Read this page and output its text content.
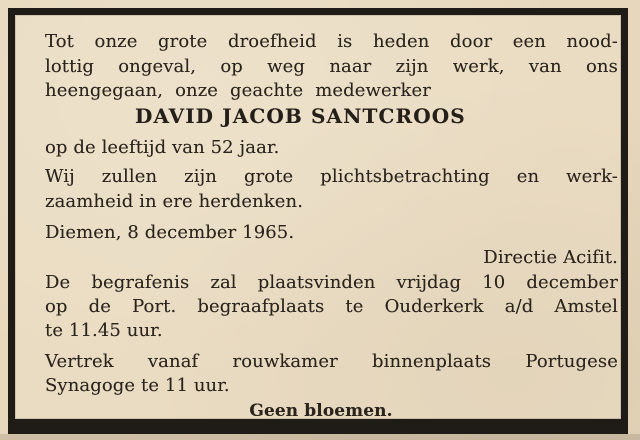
Tot onze grote droefheid is heden door een nood-
lottig ongeval, op weg naar zijn werk, van ons
heengegaan, onze geachte medewerker
DAVID JACOB SANTCROOS
op de leeftijd van 52 jaar.
Wij zullen zijn grote plichtsbetrachting en werk-
zaamheid in ere herdenken.
Diemen, 8 december 1965.
Directie Acifit.
De begrafenis zal plaatsvinden vrijdag 10 december
op de Port. begraafplaats te Ouderkerk a/d Amstel
te 11.45 uur.
Vertrek vanaf rouwkamer binnenplaats Portugese
Synagoge te 11 uur.
Geen bloemen.
